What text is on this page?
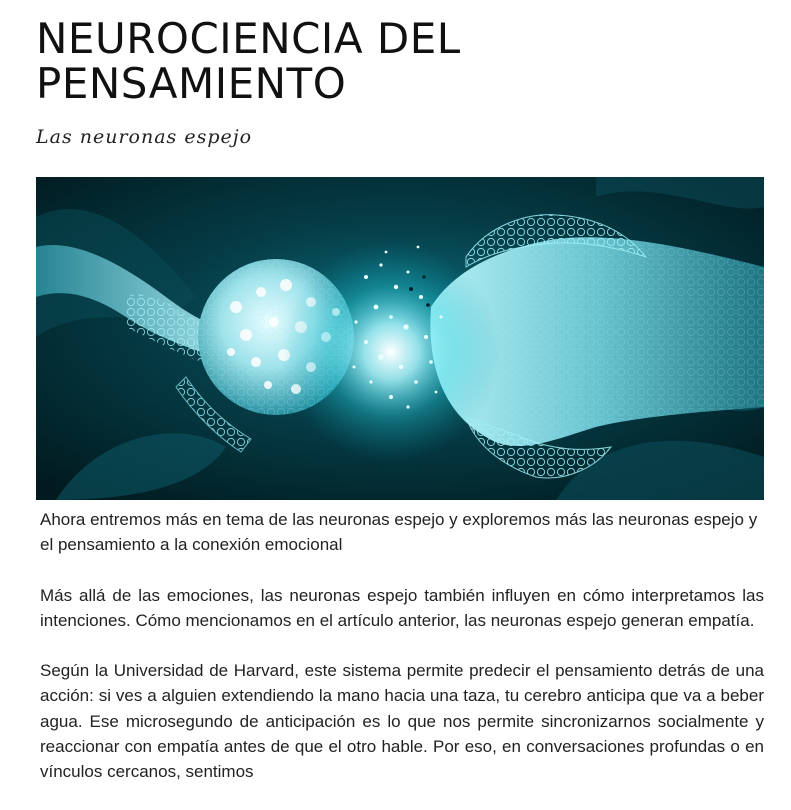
NEUROCIENCIA DEL PENSAMIENTO
Las neuronas espejo

Ahora entremos más en tema de las neuronas espejo y exploremos más las neuronas espejo y el pensamiento a la conexión emocional

Más allá de las emociones, las neuronas espejo también influyen en cómo interpretamos las intenciones. Cómo mencionamos en el artículo anterior, las neuronas espejo generan empatía.

Según la Universidad de Harvard, este sistema permite predecir el pensamiento detrás de una acción: si ves a alguien extendiendo la mano hacia una taza, tu cerebro anticipa que va a beber agua. Ese microsegundo de anticipación es lo que nos permite sincronizarnos socialmente y reaccionar con empatía antes de que el otro hable. Por eso, en conversaciones profundas o en vínculos cercanos, sentimos
